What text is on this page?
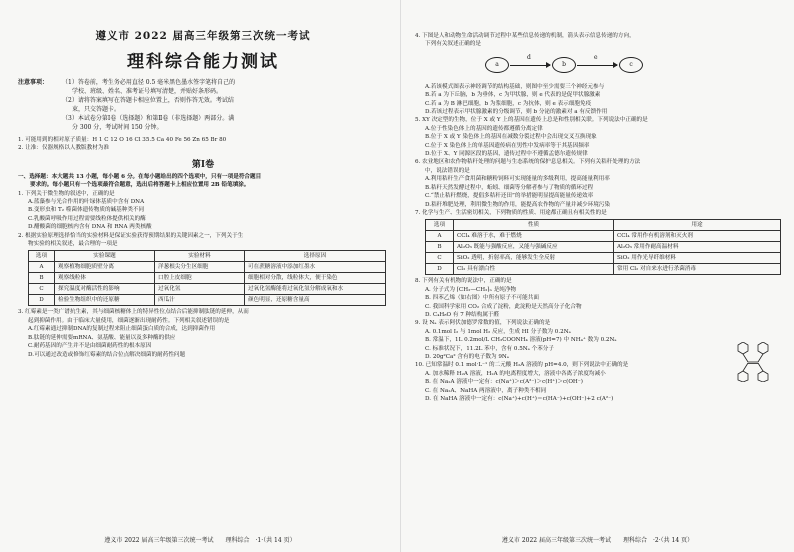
遵义市 2022 届高三年级第三次统一考试
理科综合能力测试
注意事项：	（1）答卷前，考生务必用直径 0.5 毫米黑色墨水签字笔将自己的
学校、班级、姓名、准考证号填写清楚，并贴好条形码。
（2）请将答案填写在答题卡相应位置上，否则作答无效。考试结
束，只交答题卡。
（3）本试卷分第Ⅰ卷（选择题）和第Ⅱ卷（非选择题）两部分。满
分 300 分，考试时间 150 分钟。
1. 可能用到的相对原子质量：H 1 C 12 O 16 Cl 35.5 Ca 40 Fe 56 Zn 65 Br 80
2. 让准：仅器规格以人教版教材为准
第Ⅰ卷
一、选择题：本大题共 13 小题，每小题 6 分。在每小题给出的四个选项中，只有一项是符合题目
要求的。每小题只有一个选项最符合题意，选出后将答题卡上相应位置用 2B 铅笔填涂。
1. 下列关于微生物的叙述中，正确的是
A.蓝藻参与光合作用的叶绿体基质中含有 DNA
B.变形虫和 T₂ 噬菌体遗传物质的碱基种类不同
C.乳酸菌呼吸作用过程需要线粒体提供相关的酶
D.醋酸菌的细胞核内含有 DNA 和 RNA 两类核酸
2. 根据实验原理选择恰当的实验材料是保证实验获得预期结果的关键因素之一，下列关于生
物实验的相关叙述，最合理的一项是
选项	实验课题	实验材料	选择原因
A	观察植物细胞质壁分离	洋葱根尖分生区细胞	可在蔗糖溶液中添加红墨水
B	观察线粒体	口腔上皮细胞	细胞相对分散，线粒体大，便于染色
C	探究温度对酶活性的影响	过氧化氢	过氧化氢酶能将过氧化氢分解成氧和水
D	检验生物组织中的还原糖	西瓜汁	颜色明显，还原糖含量高
3. 红霉素是一类广谱抗生素，其与细菌核糖体上的特异性位点结合后能抑制肽链的延伸，从而
起到抑菌作用。由于临床大量使用，细菌逐渐出现耐药性。下列相关叙述错误的是
A.红霉素通过抑制DNA的复制过程来阻止细菌蛋白质的合成，达到抑菌作用
B.肽链的延伸需要mRNA、氨基酸、能量以及多种酶的供应
C.耐药基因的产生并不是由细菌耐药性的根本原因
D.可以通过改造或修饰红霉素的结合位点解决细菌的耐药性问题
遵义市 2022 届高三年级第三次统一考试　　理科综合　·1·（共 14 页）
4. 下图是人和动物生命活动调节过程中某些信息传递的机制，箭头表示信息传递的方向，
下列有关叙述正确的是
a
d
b
e
c
A.若该模式图表示神经调节的结构基础，则图中至少需要三个神经元参与
B.若 a 为下丘脑，b 为垂体，c 为甲状腺，则 e 代表的是促甲状腺激素
C.若 a 为 B 淋巴细胞，b 为浆细胞，c 为抗体，则 e 表示细胞免疫
D.若该过程表示甲状腺激素的分级调节，则 b 分泌的激素对 a 有反馈作用
5. XY 决定型的生物，位于 X 或 Y 上的基因在遗传上总是和性别相关联。下列说法中正确的是
A.位于性染色体上的基因的遗传都遵循分离定律
B.位于 X 或 Y 染色体上的基因在减数分裂过程中会出现交叉互换现象
C.位于 X 染色体上的单基因遗传病在男性中发病率等于其基因频率
D.位于 X、Y 同源区段的基因，遗传过程中不遵循孟德尔遗传规律
6. 农业地区和农作物秸秆处理的问题与生态系统的保护息息相关。下列有关秸秆处理的方法
中，说法错误的是
A.利用秸秆生产食用菌和糖粉饲料可实现能量的多级利用，提高能量利用率
B.秸秆天然发酵过程中，蚯蚓、细菌等分解者参与了物质的循环过程
C.“禁止秸秆燃烧，提倡多秸秆还田”的举措能明显提高能量传递效率
D.秸秆堆肥处理，利用微生物的作用，能提高农作物的产量并减少环境污染
7. 化学与生产、生活密切相关，下列物质的性质、用途都正确且有相关性的是
选项	性质	用途
A	CCl₄ 难溶于水，难于燃烧	CCl₄ 常用作有机溶剂和灭火剂
B	Al₂O₃ 既能与强酸反应，又能与强碱反应	Al₂O₃ 常用作耐高温材料
C	SiO₂ 透明，折射率高，能够发生全反射	SiO₂ 用作光导纤维材料
D	Cl₂ 具有漂白性	常用 Cl₂ 对自来水进行杀菌消毒
8. 下列有关有机物的说法中，正确的是
A. 分子式为 ⌈CH₂—CH₂⌉ₙ 是纯净物
B. 四苯乙烯（如右图）中所有原子不可能共面
C. 我国科学家用 CO₂ 合成了淀粉，此淀粉是天然高分子化合物
D. C₄H₈O 有 7 种结构属于醛
9. 设 Nₐ 表示阿伏加德罗常数的值，下列说法正确的是
A. 0.1mol I₂ 与 1mol H₂ 反应，生成 HI 分子数为 0.2Nₐ
B. 常温下，1L 0.2mol/L CH₃COONH₄ 溶液(pH=7) 中 NH₄⁺ 数为 0.2Nₐ
C. 标准状况下，11.2L 苯中，含有 0.5Nₐ 个苯分子
D. 20g²Ca² 含有的电子数为 9Nₐ
10. 已知常温时 0.1 mol·L⁻¹ 的二元酸 H₂A 溶液的 pH=4.0，则下列说法中正确的是
A. 加水稀释 H₂A 溶液，H₂A 的电离程度增大，溶液中各离子浓度均减小
B. 在 Na₂A 溶液中一定有：c(Na⁺)＞c(A²⁻)＞c(H⁺)＞c(OH⁻)
C. 在 Na₂A、NaHA 两溶液中，离子种类不相同
D. 在 NaHA 溶液中一定有：c(Na⁺)+c(H⁺)＝c(HA⁻)+c(OH⁻)+2 c(A²⁻)
遵义市 2022 届高三年级第三次统一考试　　理科综合　·2·（共 14 页）
